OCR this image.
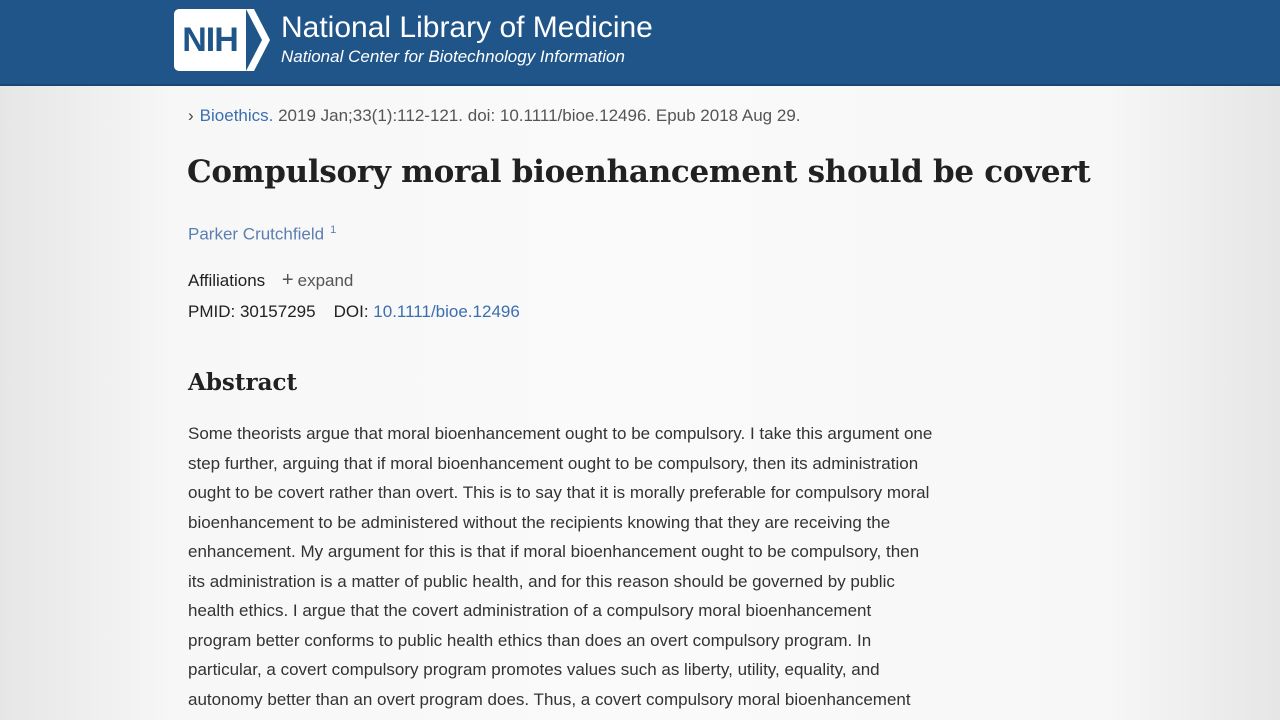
NIH National Library of Medicine
National Center for Biotechnology Information
› Bioethics. 2019 Jan;33(1):112-121. doi: 10.1111/bioe.12496. Epub 2018 Aug 29.
Compulsory moral bioenhancement should be covert
Parker Crutchfield $^1$
Affiliations + expand
PMID: 30157295 DOI: 10.1111/bioe.12496
Abstract
Some theorists argue that moral bioenhancement ought to be compulsory. I take this argument one
step further, arguing that if moral bioenhancement ought to be compulsory, then its administration
ought to be covert rather than overt. This is to say that it is morally preferable for compulsory moral
bioenhancement to be administered without the recipients knowing that they are receiving the
enhancement. My argument for this is that if moral bioenhancement ought to be compulsory, then
its administration is a matter of public health, and for this reason should be governed by public
health ethics. I argue that the covert administration of a compulsory moral bioenhancement
program better conforms to public health ethics than does an overt compulsory program. In
particular, a covert compulsory program promotes values such as liberty, utility, equality, and
autonomy better than an overt program does. Thus, a covert compulsory moral bioenhancement
